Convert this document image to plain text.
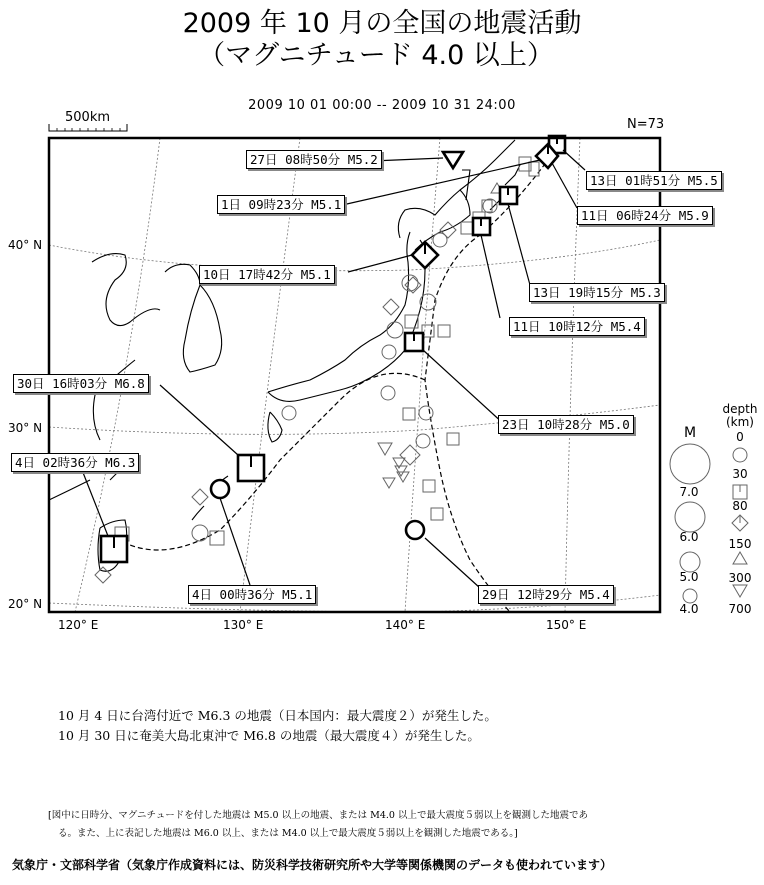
2009 年 10 月の全国の地震活動
（マグニチュード 4.0 以上）
2009 10 01 00:00 -- 2009 10 31 24:00
N=73
500km
40° N
30° N
20° N
120° E	130° E	140° E	150° E
27日 08時50分 M5.2
1日 09時23分 M5.1
13日 01時51分 M5.5
11日 06時24分 M5.9
10日 17時42分 M5.1
13日 19時15分 M5.3
11日 10時12分 M5.4
30日 16時03分 M6.8
23日 10時28分 M5.0
4日 02時36分 M6.3
4日 00時36分 M5.1	29日 12時29分 M5.4
M
7.0
6.0
5.0
4.0
depth
(km)
0
30
80
150
300
700
10 月 4 日に台湾付近で M6.3 の地震（日本国内：最大震度２）が発生した。
10 月 30 日に奄美大島北東沖で M6.8 の地震（最大震度４）が発生した。
[図中に日時分、マグニチュードを付した地震は M5.0 以上の地震、または M4.0 以上で最大震度５弱以上を観測した地震であ
る。また、上に表記した地震は M6.0 以上、または M4.0 以上で最大震度５弱以上を観測した地震である。]
気象庁・文部科学省（気象庁作成資料には、防災科学技術研究所や大学等関係機関のデータも使われています）
